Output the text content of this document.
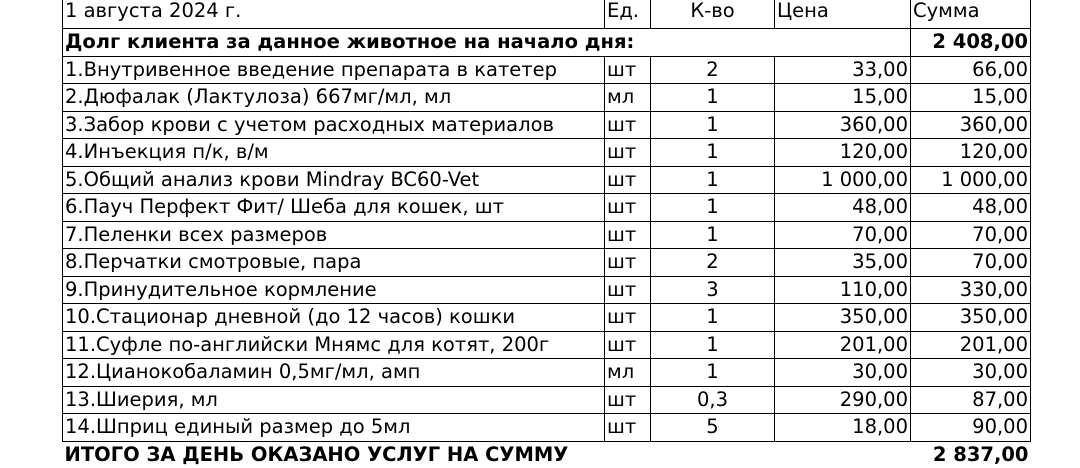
1 августа 2024 г.	Ед.	К-во	Цена	Сумма
Долг клиента за данное животное на начало дня:				2 408,00
1.Внутривенное введение препарата в катетер	шт	2	33,00	66,00
2.Дюфалак (Лактулоза) 667мг/мл, мл	мл	1	15,00	15,00
3.Забор крови с учетом расходных материалов	шт	1	360,00	360,00
4.Инъекция п/к, в/м	шт	1	120,00	120,00
5.Общий анализ крови Mindray BC60-Vet	шт	1	1 000,00	1 000,00
6.Пауч Перфект Фит/ Шеба для кошек, шт	шт	1	48,00	48,00
7.Пеленки всех размеров	шт	1	70,00	70,00
8.Перчатки смотровые, пара	шт	2	35,00	70,00
9.Принудительное кормление	шт	3	110,00	330,00
10.Стационар дневной (до 12 часов) кошки	шт	1	350,00	350,00
11.Суфле по-английски Мнямс для котят, 200г	шт	1	201,00	201,00
12.Цианокобаламин 0,5мг/мл, амп	мл	1	30,00	30,00
13.Шиерия, мл	шт	0,3	290,00	87,00
14.Шприц единый размер до 5мл	шт	5	18,00	90,00
ИТОГО ЗА ДЕНЬ ОКАЗАНО УСЛУГ НА СУММУ				2 837,00
